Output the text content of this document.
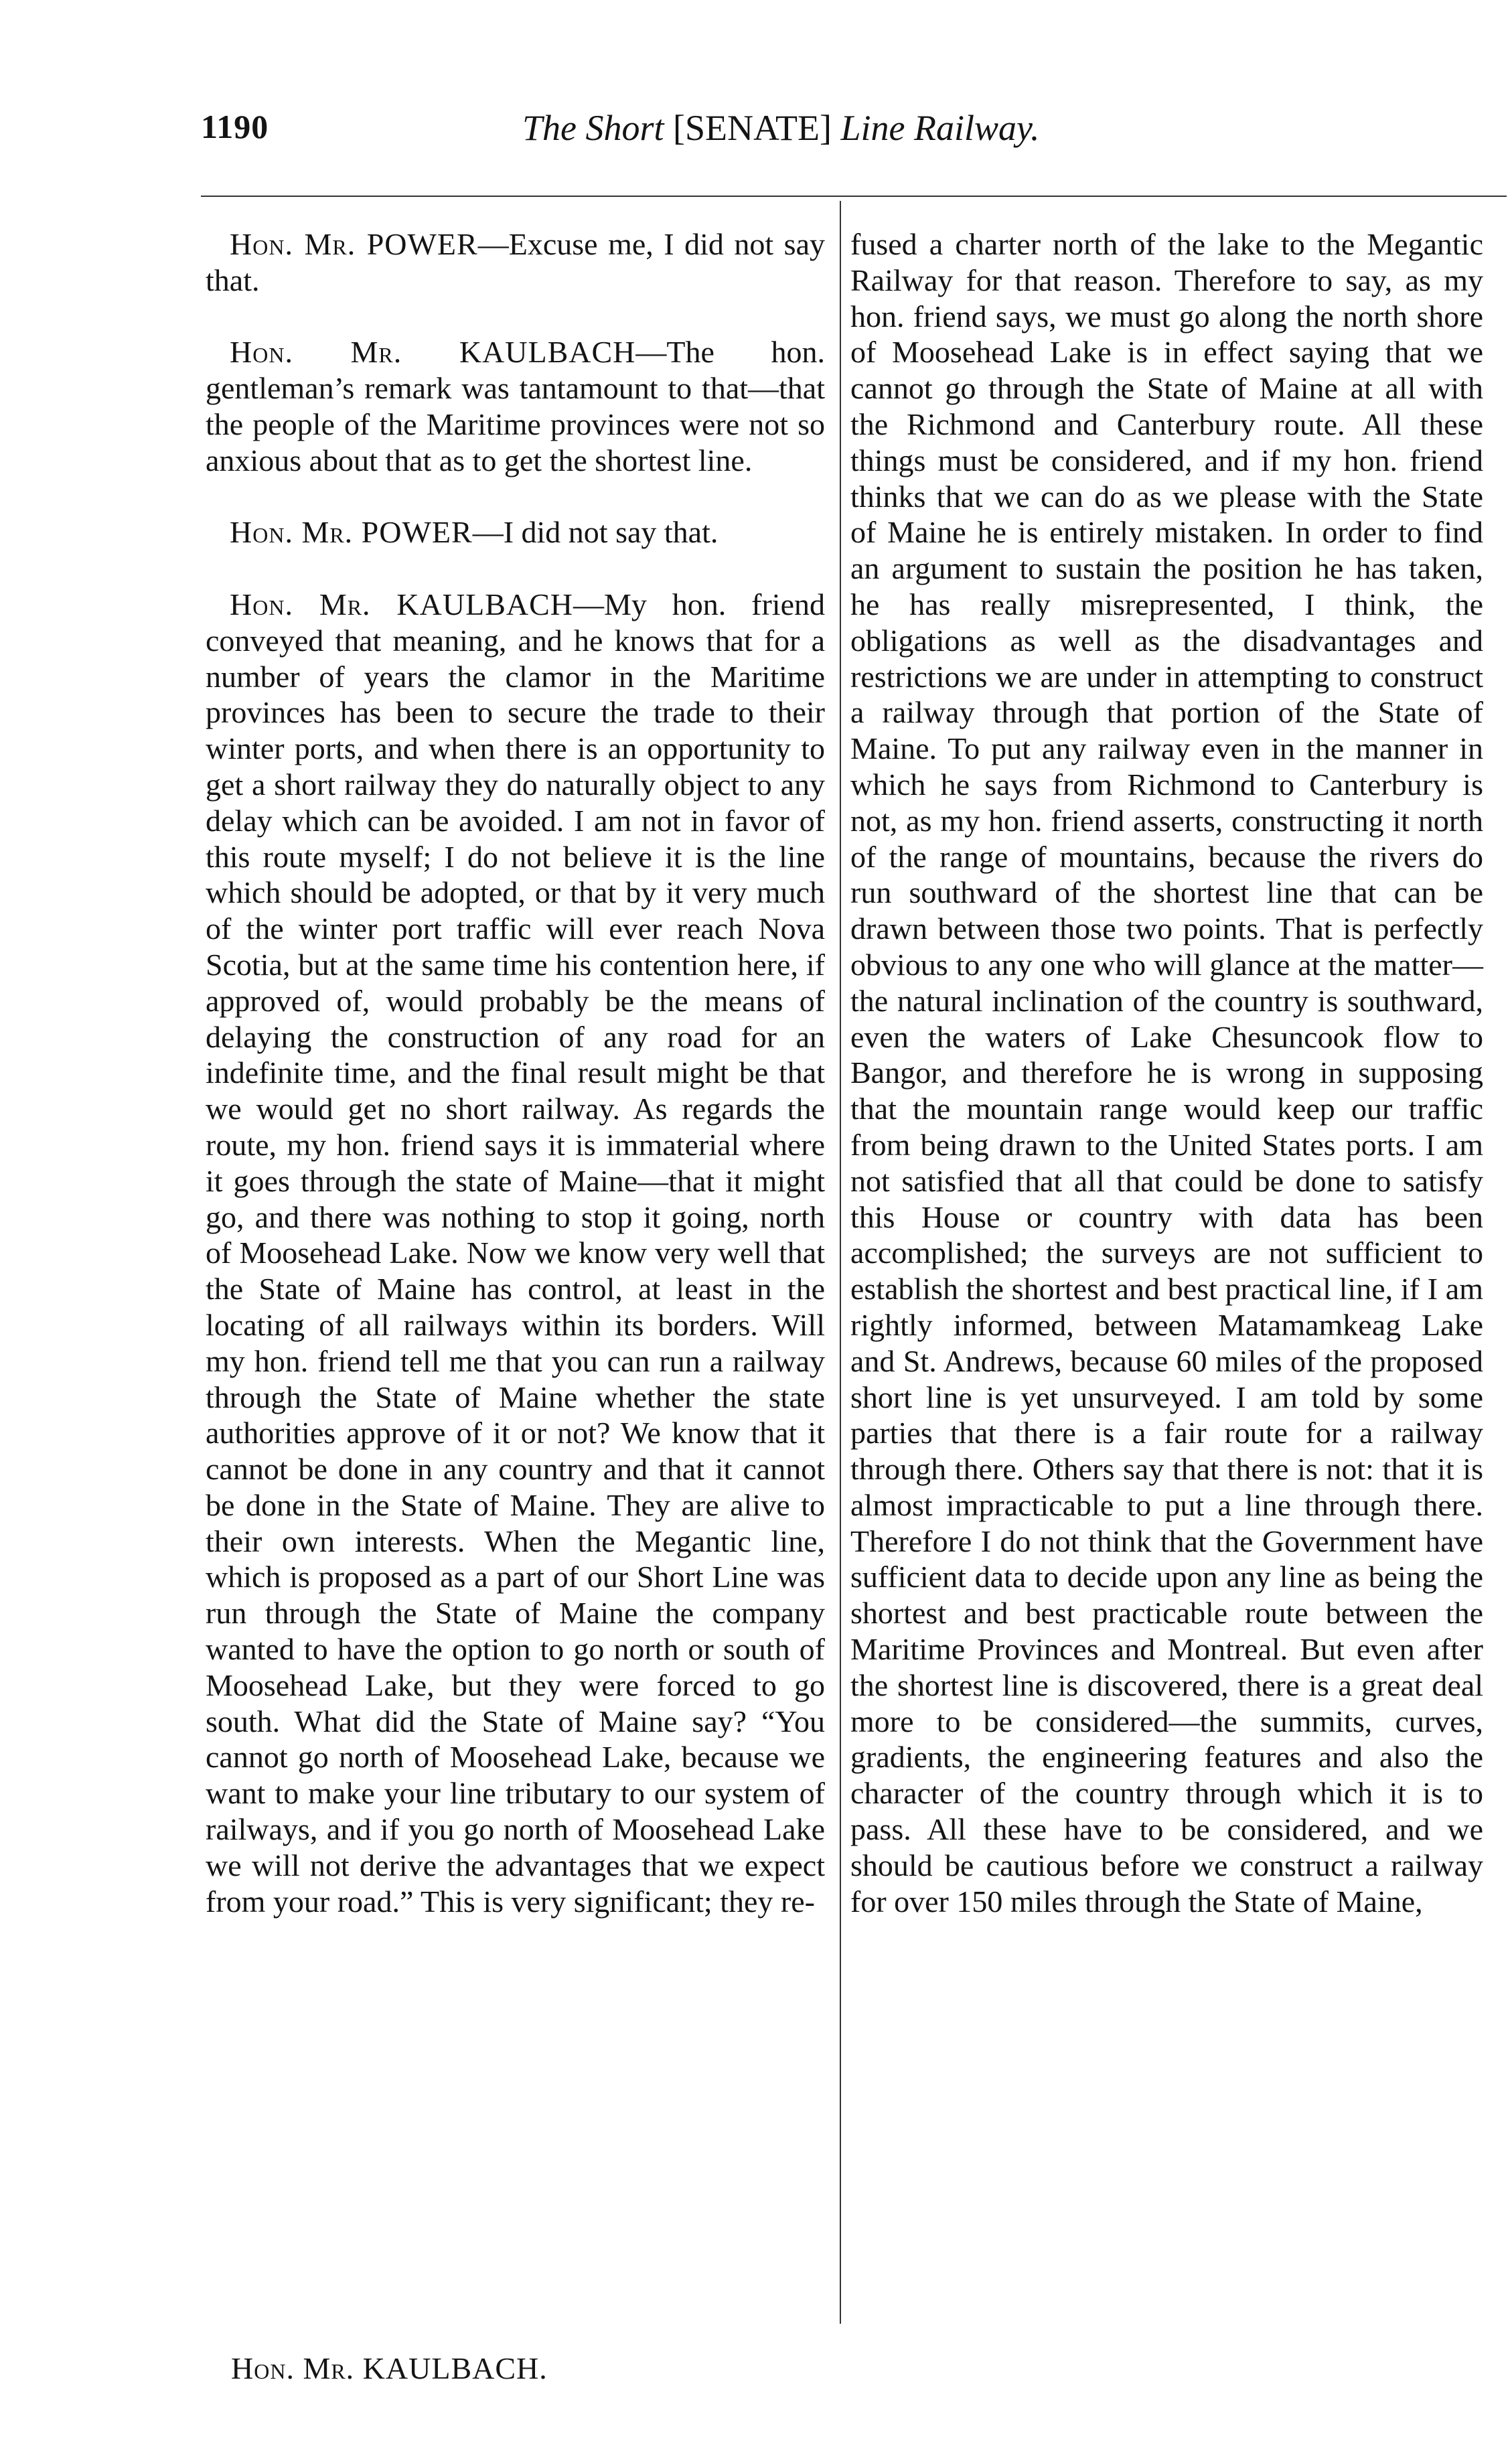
1190	The Short [SENATE] Line Railway.

Hon. Mr. POWER—Excuse me, I did not say that.

Hon. Mr. KAULBACH—The hon. gentleman’s remark was tantamount to that—that the people of the Maritime provinces were not so anxious about that as to get the shortest line.

Hon. Mr. POWER—I did not say that.

Hon. Mr. KAULBACH—My hon. friend conveyed that meaning, and he knows that for a number of years the clamor in the Maritime provinces has been to secure the trade to their winter ports, and when there is an opportunity to get a short railway they do naturally object to any delay which can be avoided. I am not in favor of this route myself; I do not believe it is the line which should be adopted, or that by it very much of the winter port traffic will ever reach Nova Scotia, but at the same time his contention here, if approved of, would probably be the means of delaying the construction of any road for an indefinite time, and the final result might be that we would get no short railway. As regards the route, my hon. friend says it is immaterial where it goes through the state of Maine—that it might go, and there was nothing to stop it going, north of Moosehead Lake. Now we know very well that the State of Maine has control, at least in the locating of all railways within its borders. Will my hon. friend tell me that you can run a railway through the State of Maine whether the state authorities approve of it or not? We know that it cannot be done in any country and that it cannot be done in the State of Maine. They are alive to their own interests. When the Megantic line, which is proposed as a part of our Short Line was run through the State of Maine the company wanted to have the option to go north or south of Moosehead Lake, but they were forced to go south. What did the State of Maine say? “You cannot go north of Moosehead Lake, because we want to make your line tributary to our system of railways, and if you go north of Moosehead Lake we will not derive the advantages that we expect from your road.” This is very significant; they re-

fused a charter north of the lake to the Megantic Railway for that reason. Therefore to say, as my hon. friend says, we must go along the north shore of Moosehead Lake is in effect saying that we cannot go through the State of Maine at all with the Richmond and Canterbury route. All these things must be considered, and if my hon. friend thinks that we can do as we please with the State of Maine he is entirely mistaken. In order to find an argument to sustain the position he has taken, he has really misrepresented, I think, the obligations as well as the disadvantages and restrictions we are under in attempting to construct a railway through that portion of the State of Maine. To put any railway even in the manner in which he says from Richmond to Canterbury is not, as my hon. friend asserts, constructing it north of the range of mountains, because the rivers do run southward of the shortest line that can be drawn between those two points. That is perfectly obvious to any one who will glance at the matter—the natural inclination of the country is southward, even the waters of Lake Chesuncook flow to Bangor, and therefore he is wrong in supposing that the mountain range would keep our traffic from being drawn to the United States ports. I am not satisfied that all that could be done to satisfy this House or country with data has been accomplished; the surveys are not sufficient to establish the shortest and best practical line, if I am rightly informed, between Matamamkeag Lake and St. Andrews, because 60 miles of the proposed short line is yet unsurveyed. I am told by some parties that there is a fair route for a railway through there. Others say that there is not: that it is almost impracticable to put a line through there. Therefore I do not think that the Government have sufficient data to decide upon any line as being the shortest and best practicable route between the Maritime Provinces and Montreal. But even after the shortest line is discovered, there is a great deal more to be considered—the summits, curves, gradients, the engineering features and also the character of the country through which it is to pass. All these have to be considered, and we should be cautious before we construct a railway for over 150 miles through the State of Maine,

Hon. Mr. KAULBACH.
